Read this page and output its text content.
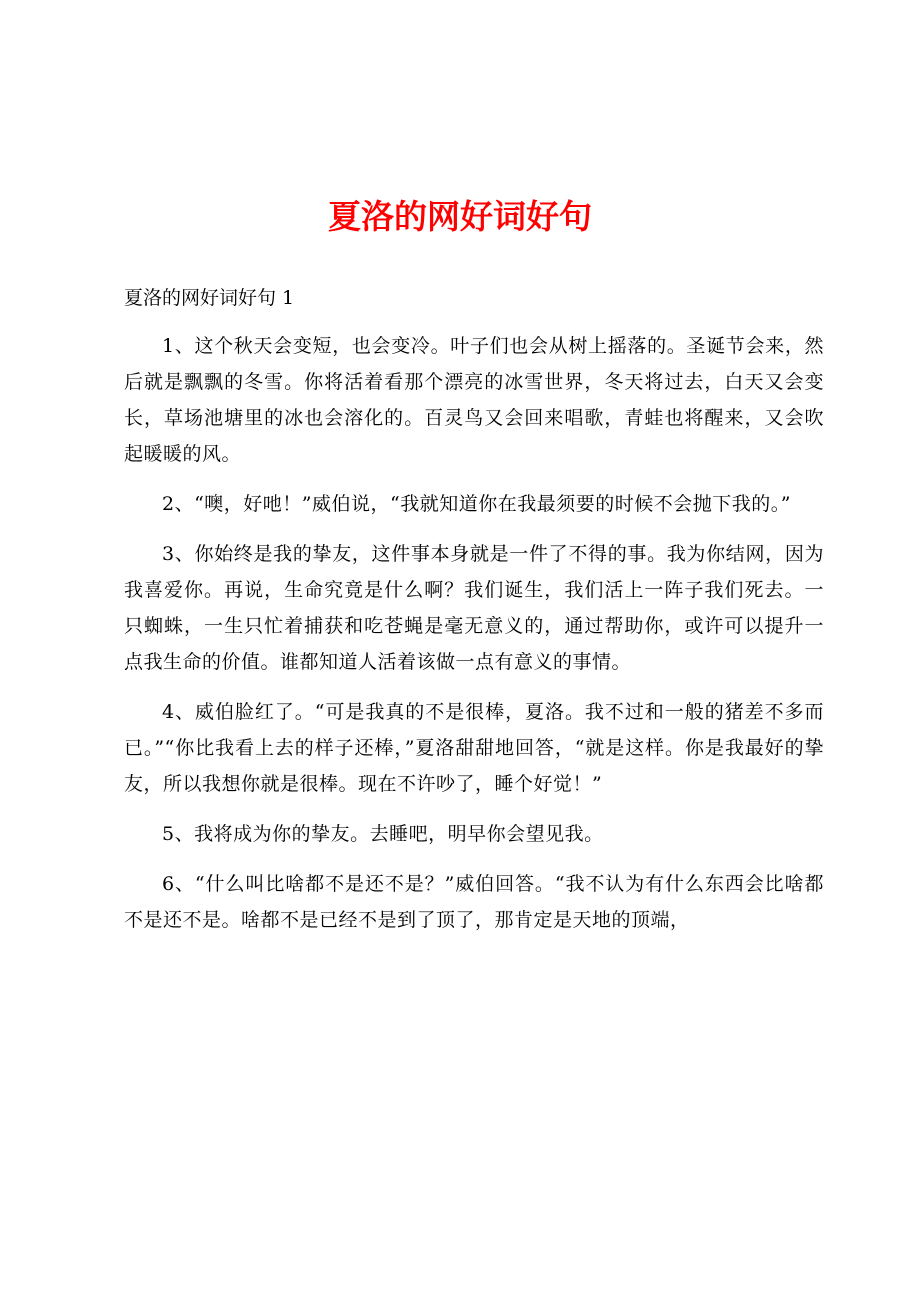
夏洛的网好词好句

夏洛的网好词好句 1

1、这个秋天会变短，也会变冷。叶子们也会从树上摇落的。圣诞节会来，然后就是飘飘的冬雪。你将活着看那个漂亮的冰雪世界，冬天将过去，白天又会变长，草场池塘里的冰也会溶化的。百灵鸟又会回来唱歌，青蛙也将醒来，又会吹起暖暖的风。

2、“噢，好吔！”威伯说，“我就知道你在我最须要的时候不会抛下我的。”

3、你始终是我的挚友，这件事本身就是一件了不得的事。我为你结网，因为我喜爱你。再说，生命究竟是什么啊？我们诞生，我们活上一阵子我们死去。一只蜘蛛，一生只忙着捕获和吃苍蝇是毫无意义的，通过帮助你，或许可以提升一点我生命的价值。谁都知道人活着该做一点有意义的事情。

4、威伯脸红了。“可是我真的不是很棒，夏洛。我不过和一般的猪差不多而已。”“你比我看上去的样子还棒，”夏洛甜甜地回答，“就是这样。你是我最好的挚友，所以我想你就是很棒。现在不许吵了，睡个好觉！”

5、我将成为你的挚友。去睡吧，明早你会望见我。

6、“什么叫比啥都不是还不是？”威伯回答。“我不认为有什么东西会比啥都不是还不是。啥都不是已经不是到了顶了，那肯定是天地的顶端，
